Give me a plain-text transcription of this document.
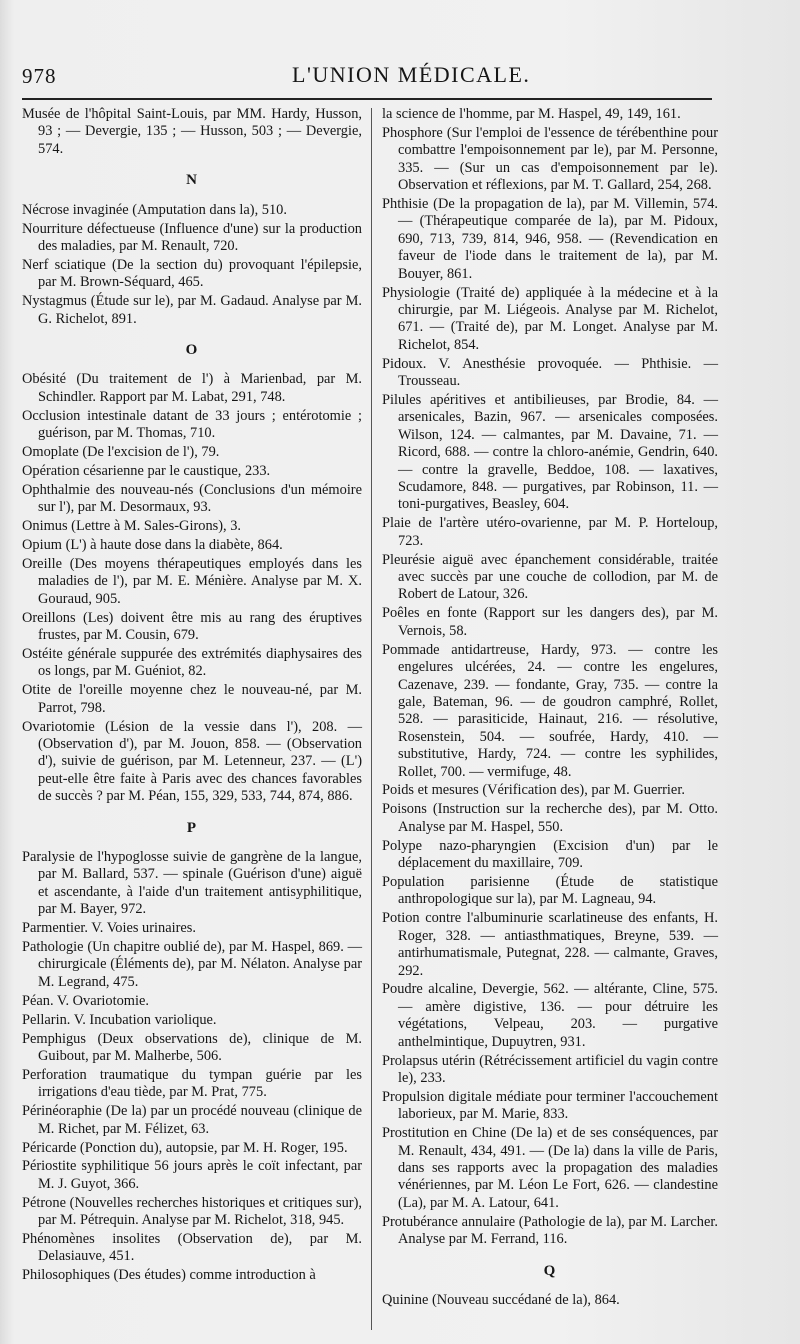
978	L'UNION MÉDICALE.

Musée de l'hôpital Saint-Louis, par MM. Hardy, Husson, 93 ; — Devergie, 135 ; — Husson, 503 ; — Devergie, 574.

N

Nécrose invaginée (Amputation dans la), 510.

Nourriture défectueuse (Influence d'une) sur la production des maladies, par M. Renault, 720.

Nerf sciatique (De la section du) provoquant l'épilepsie, par M. Brown-Séquard, 465.

Nystagmus (Étude sur le), par M. Gadaud. Analyse par M. G. Richelot, 891.

O

Obésité (Du traitement de l') à Marienbad, par M. Schindler. Rapport par M. Labat, 291, 748.

Occlusion intestinale datant de 33 jours ; entérotomie ; guérison, par M. Thomas, 710.

Omoplate (De l'excision de l'), 79.

Opération césarienne par le caustique, 233.

Ophthalmie des nouveau-nés (Conclusions d'un mémoire sur l'), par M. Desormaux, 93.

Onimus (Lettre à M. Sales-Girons), 3.

Opium (L') à haute dose dans la diabète, 864.

Oreille (Des moyens thérapeutiques employés dans les maladies de l'), par M. E. Ménière. Analyse par M. X. Gouraud, 905.

Oreillons (Les) doivent être mis au rang des éruptives frustes, par M. Cousin, 679.

Ostéite générale suppurée des extrémités diaphysaires des os longs, par M. Guéniot, 82.

Otite de l'oreille moyenne chez le nouveau-né, par M. Parrot, 798.

Ovariotomie (Lésion de la vessie dans l'), 208. — (Observation d'), par M. Jouon, 858. — (Observation d'), suivie de guérison, par M. Letenneur, 237. — (L') peut-elle être faite à Paris avec des chances favorables de succès ? par M. Péan, 155, 329, 533, 744, 874, 886.

P

Paralysie de l'hypoglosse suivie de gangrène de la langue, par M. Ballard, 537. — spinale (Guérison d'une) aiguë et ascendante, à l'aide d'un traitement antisyphilitique, par M. Bayer, 972.

Parmentier. V. Voies urinaires.

Pathologie (Un chapitre oublié de), par M. Haspel, 869. — chirurgicale (Éléments de), par M. Nélaton. Analyse par M. Legrand, 475.

Péan. V. Ovariotomie.

Pellarin. V. Incubation variolique.

Pemphigus (Deux observations de), clinique de M. Guibout, par M. Malherbe, 506.

Perforation traumatique du tympan guérie par les irrigations d'eau tiède, par M. Prat, 775.

Périnéoraphie (De la) par un procédé nouveau (clinique de M. Richet, par M. Félizet, 63.

Péricarde (Ponction du), autopsie, par M. H. Roger, 195.

Périostite syphilitique 56 jours après le coït infectant, par M. J. Guyot, 366.

Pétrone (Nouvelles recherches historiques et critiques sur), par M. Pétrequin. Analyse par M. Richelot, 318, 945.

Phénomènes insolites (Observation de), par M. Delasiauve, 451.

Philosophiques (Des études) comme introduction à

la science de l'homme, par M. Haspel, 49, 149, 161.

Phosphore (Sur l'emploi de l'essence de térébenthine pour combattre l'empoisonnement par le), par M. Personne, 335. — (Sur un cas d'empoisonnement par le). Observation et réflexions, par M. T. Gallard, 254, 268.

Phthisie (De la propagation de la), par M. Villemin, 574. — (Thérapeutique comparée de la), par M. Pidoux, 690, 713, 739, 814, 946, 958. — (Revendication en faveur de l'iode dans le traitement de la), par M. Bouyer, 861.

Physiologie (Traité de) appliquée à la médecine et à la chirurgie, par M. Liégeois. Analyse par M. Richelot, 671. — (Traité de), par M. Longet. Analyse par M. Richelot, 854.

Pidoux. V. Anesthésie provoquée. — Phthisie. — Trousseau.

Pilules apéritives et antibilieuses, par Brodie, 84. — arsenicales, Bazin, 967. — arsenicales composées. Wilson, 124. — calmantes, par M. Davaine, 71. — Ricord, 688. — contre la chloro-anémie, Gendrin, 640. — contre la gravelle, Beddoe, 108. — laxatives, Scudamore, 848. — purgatives, par Robinson, 11. — toni-purgatives, Beasley, 604.

Plaie de l'artère utéro-ovarienne, par M. P. Horteloup, 723.

Pleurésie aiguë avec épanchement considérable, traitée avec succès par une couche de collodion, par M. de Robert de Latour, 326.

Poêles en fonte (Rapport sur les dangers des), par M. Vernois, 58.

Pommade antidartreuse, Hardy, 973. — contre les engelures ulcérées, 24. — contre les engelures, Cazenave, 239. — fondante, Gray, 735. — contre la gale, Bateman, 96. — de goudron camphré, Rollet, 528. — parasiticide, Hainaut, 216. — résolutive, Rosenstein, 504. — soufrée, Hardy, 410. — substitutive, Hardy, 724. — contre les syphilides, Rollet, 700. — vermifuge, 48.

Poids et mesures (Vérification des), par M. Guerrier.

Poisons (Instruction sur la recherche des), par M. Otto. Analyse par M. Haspel, 550.

Polype nazo-pharyngien (Excision d'un) par le déplacement du maxillaire, 709.

Population parisienne (Étude de statistique anthropologique sur la), par M. Lagneau, 94.

Potion contre l'albuminurie scarlatineuse des enfants, H. Roger, 328. — antiasthmatiques, Breyne, 539. — antirhumatismale, Putegnat, 228. — calmante, Graves, 292.

Poudre alcaline, Devergie, 562. — altérante, Cline, 575. — amère digistive, 136. — pour détruire les végétations, Velpeau, 203. — purgative anthelmintique, Dupuytren, 931.

Prolapsus utérin (Rétrécissement artificiel du vagin contre le), 233.

Propulsion digitale médiate pour terminer l'accouchement laborieux, par M. Marie, 833.

Prostitution en Chine (De la) et de ses conséquences, par M. Renault, 434, 491. — (De la) dans la ville de Paris, dans ses rapports avec la propagation des maladies vénériennes, par M. Léon Le Fort, 626. — clandestine (La), par M. A. Latour, 641.

Protubérance annulaire (Pathologie de la), par M. Larcher. Analyse par M. Ferrand, 116.

Q

Quinine (Nouveau succédané de la), 864.
